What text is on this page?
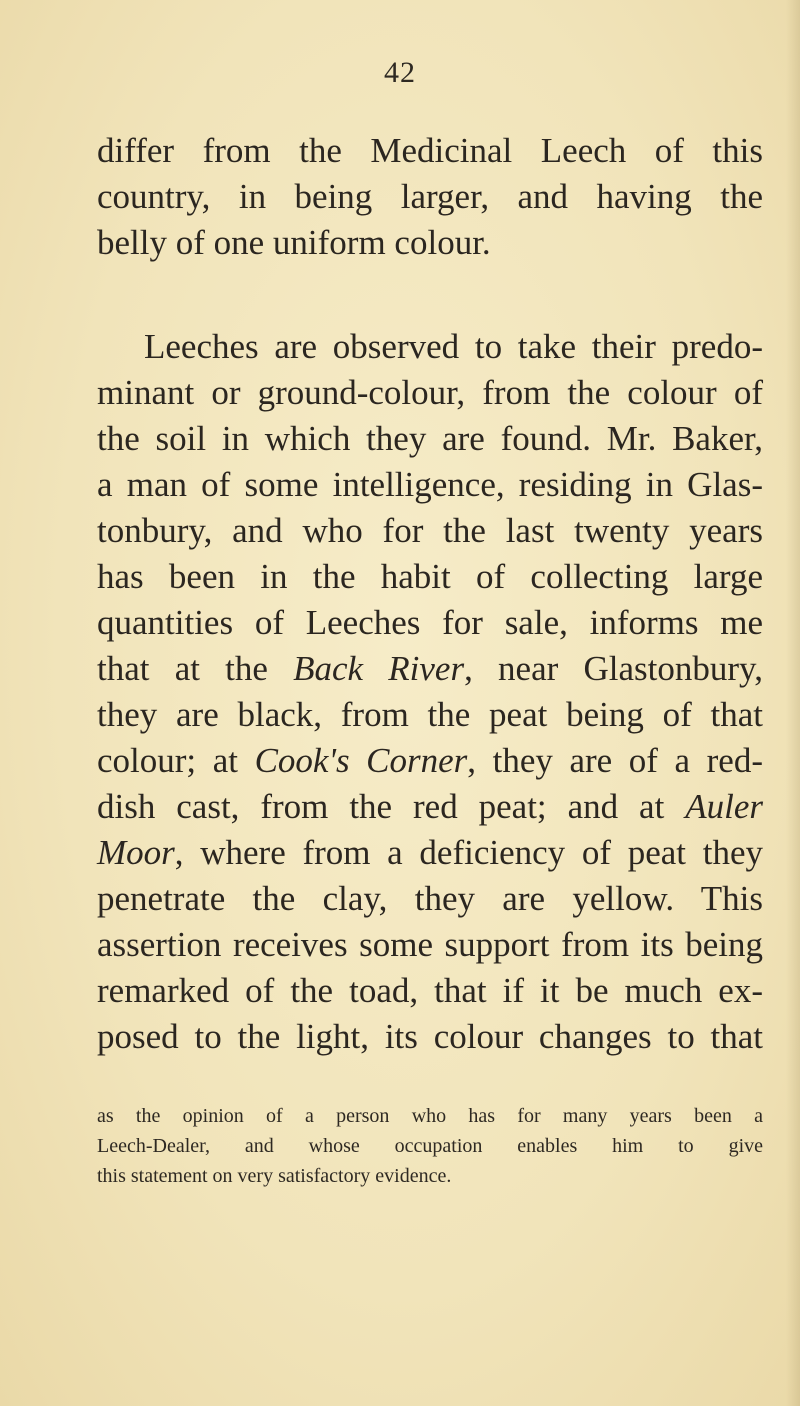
42
differ from the Medicinal Leech of this
country, in being larger, and having the
belly of one uniform colour.
Leeches are observed to take their predo-
minant or ground-colour, from the colour of
the soil in which they are found. Mr. Baker,
a man of some intelligence, residing in Glas-
tonbury, and who for the last twenty years
has been in the habit of collecting large
quantities of Leeches for sale, informs me
that at the Back River, near Glastonbury,
they are black, from the peat being of that
colour; at Cook's Corner, they are of a red-
dish cast, from the red peat; and at Auler
Moor, where from a deficiency of peat they
penetrate the clay, they are yellow. This
assertion receives some support from its being
remarked of the toad, that if it be much ex-
posed to the light, its colour changes to that
as the opinion of a person who has for many years been a
Leech-Dealer, and whose occupation enables him to give
this statement on very satisfactory evidence.
